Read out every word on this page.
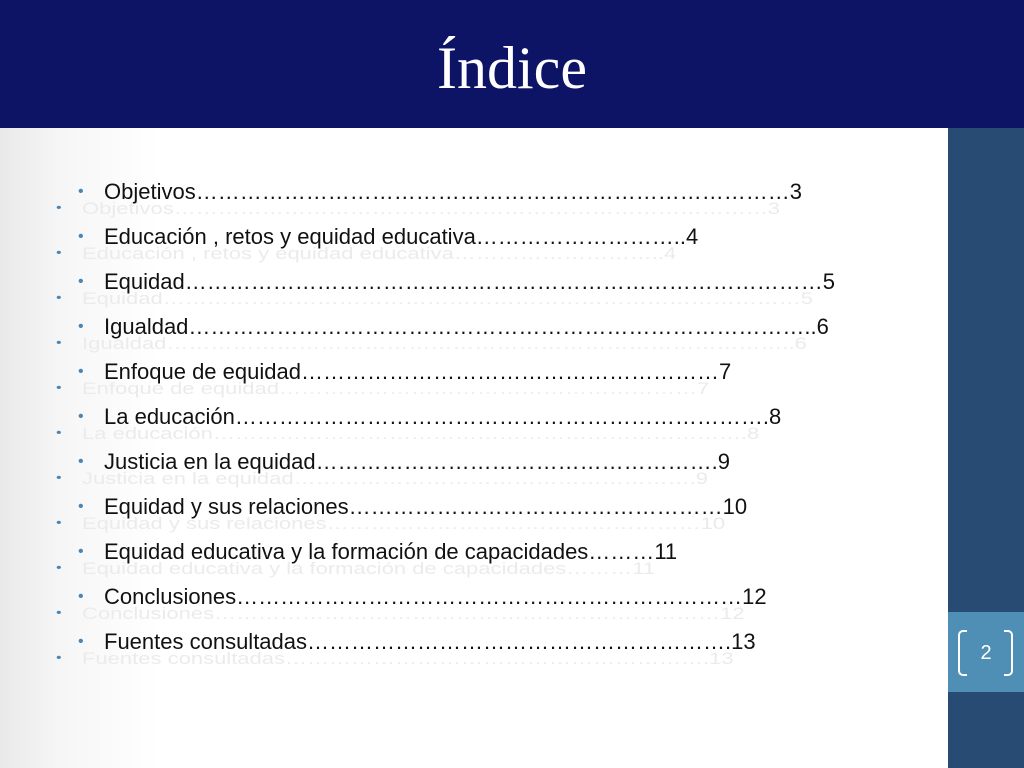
Índice
2
• Objetivos………………………………………………………………………3
• Objetivos………………………………………………………………………3
• Educación , retos y equidad educativa………………………..4
• Educación , retos y equidad educativa………………………..4
• Equidad……………………………………………………………………………5
• Equidad……………………………………………………………………………5
• Igualdad…………………………………………………………………………..6
• Igualdad…………………………………………………………………………..6
• Enfoque de equidad…………………………………………………7
• Enfoque de equidad…………………………………………………7
• La educación……………………………………………………………….8
• La educación……………………………………………………………….8
• Justicia en la equidad……………………………………………….9
• Justicia en la equidad……………………………………………….9
• Equidad y sus relaciones……………………………………………10
• Equidad y sus relaciones……………………………………………10
• Equidad educativa y la formación de capacidades………11
• Equidad educativa y la formación de capacidades………11
• Conclusiones……………………………………………………………12
• Conclusiones……………………………………………………………12
• Fuentes consultadas………………………………………………….13
• Fuentes consultadas………………………………………………….13
